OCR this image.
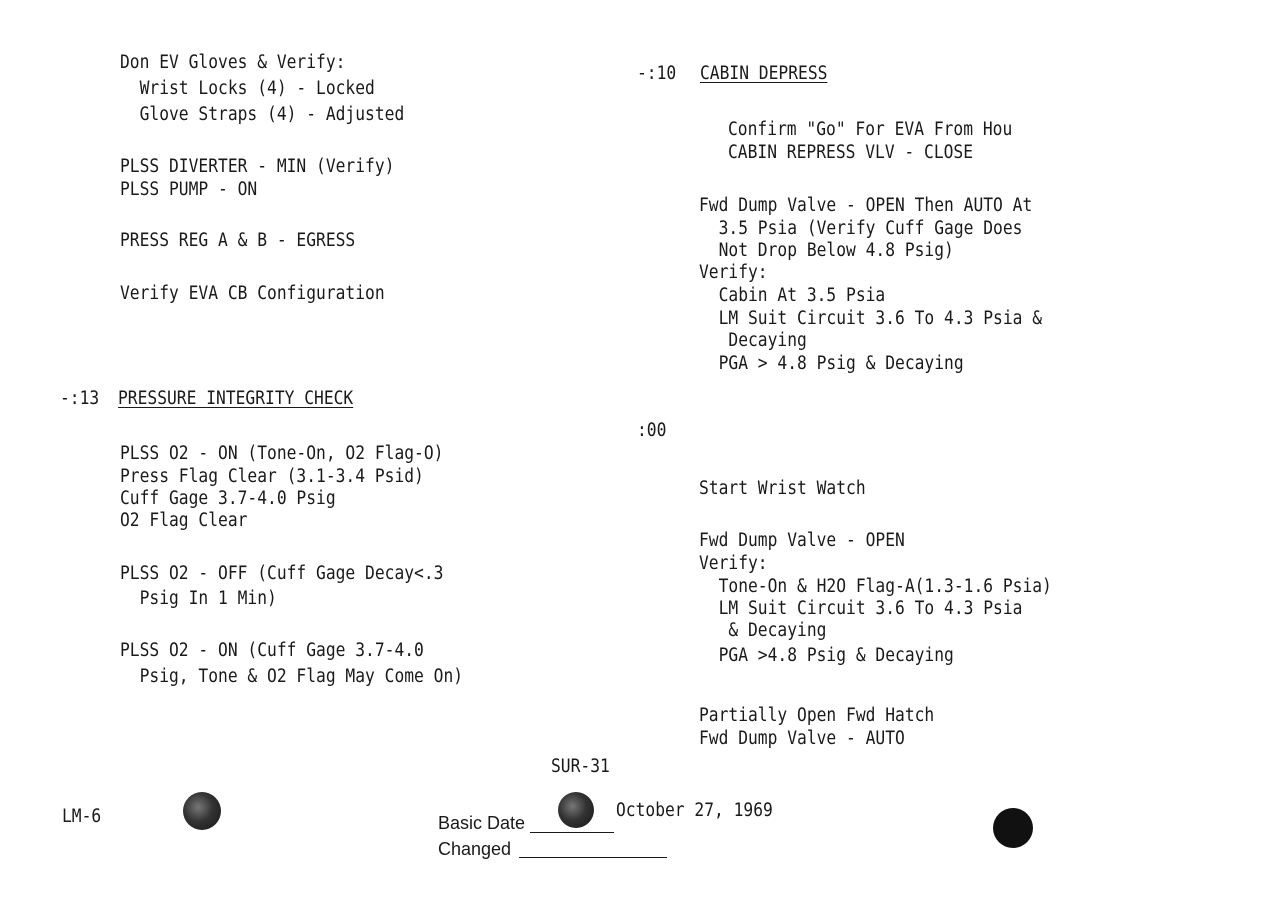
Don EV Gloves & Verify:
Wrist Locks (4) - Locked
Glove Straps (4) - Adjusted
PLSS DIVERTER - MIN (Verify)
PLSS PUMP - ON
PRESS REG A & B - EGRESS
Verify EVA CB Configuration
-:13 PRESSURE INTEGRITY CHECK
PLSS O2 - ON (Tone-On, O2 Flag-O)
Press Flag Clear (3.1-3.4 Psid)
Cuff Gage 3.7-4.0 Psig
O2 Flag Clear
PLSS O2 - OFF (Cuff Gage Decay<.3
Psig In 1 Min)
PLSS O2 - ON (Cuff Gage 3.7-4.0
Psig, Tone & O2 Flag May Come On)
-:10 CABIN DEPRESS
Confirm "Go" For EVA From Hou
CABIN REPRESS VLV - CLOSE
Fwd Dump Valve - OPEN Then AUTO At
3.5 Psia (Verify Cuff Gage Does
Not Drop Below 4.8 Psig)
Verify:
Cabin At 3.5 Psia
LM Suit Circuit 3.6 To 4.3 Psia &
Decaying
PGA > 4.8 Psig & Decaying
:00
Start Wrist Watch
Fwd Dump Valve - OPEN
Verify:
Tone-On & H2O Flag-A(1.3-1.6 Psia)
LM Suit Circuit 3.6 To 4.3 Psia
& Decaying
PGA >4.8 Psig & Decaying
Partially Open Fwd Hatch
Fwd Dump Valve - AUTO
SUR-31
LM-6	Basic Date
October 27, 1969
Changed
